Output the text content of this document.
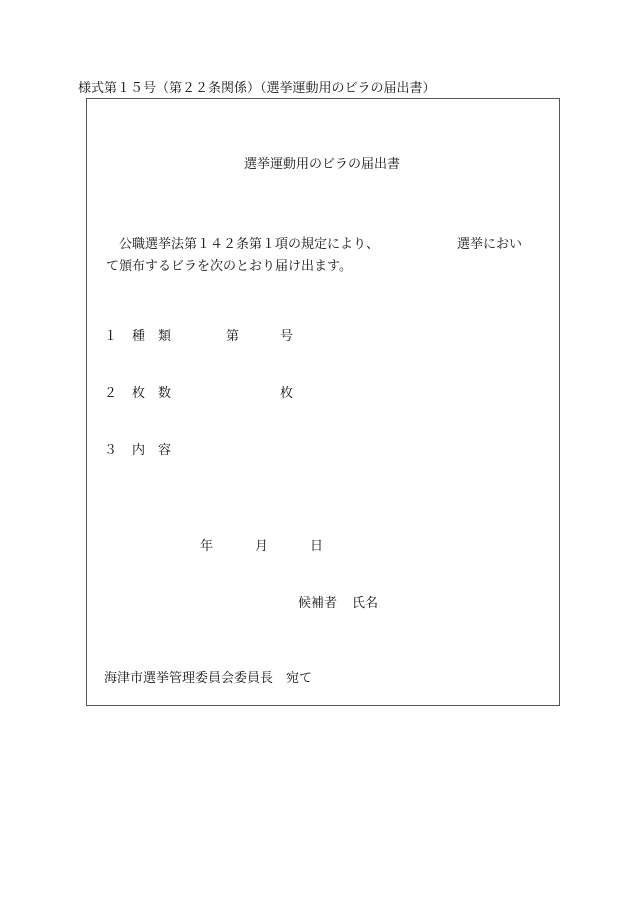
様式第１５号（第２２条関係）（選挙運動用のビラの届出書）
選挙運動用のビラの届出書
　公職選挙法第１４２条第１項の規定により、	選挙におい
て頒布するビラを次のとおり届け出ます。
１ 種　類	第	号
２ 枚　数	枚
３ 内　容
年	月	日
候補者 氏名
海津市選挙管理委員会委員長　宛て
